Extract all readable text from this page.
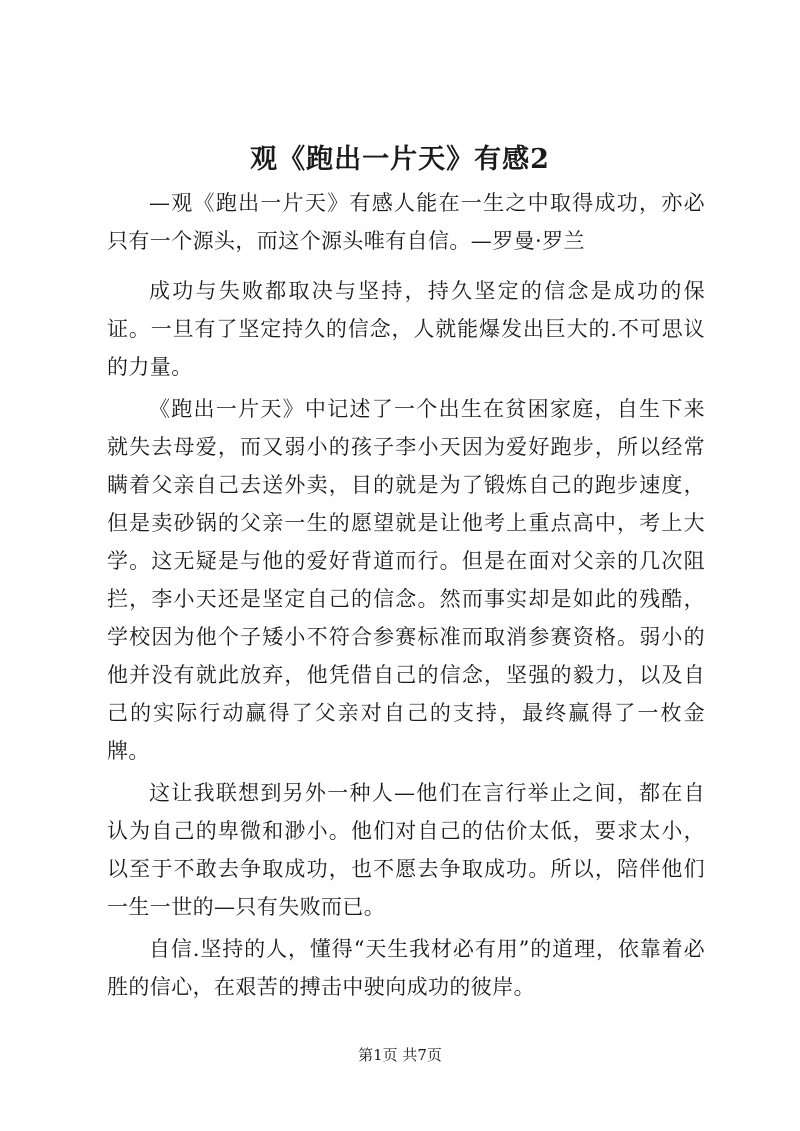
观《跑出一片天》有感2

—观《跑出一片天》有感人能在一生之中取得成功，亦必只有一个源头，而这个源头唯有自信。—罗曼·罗兰

成功与失败都取决与坚持，持久坚定的信念是成功的保证。一旦有了坚定持久的信念，人就能爆发出巨大的.不可思议的力量。

《跑出一片天》中记述了一个出生在贫困家庭，自生下来就失去母爱，而又弱小的孩子李小天因为爱好跑步，所以经常瞒着父亲自己去送外卖，目的就是为了锻炼自己的跑步速度，但是卖砂锅的父亲一生的愿望就是让他考上重点高中，考上大学。这无疑是与他的爱好背道而行。但是在面对父亲的几次阻拦，李小天还是坚定自己的信念。然而事实却是如此的残酷，学校因为他个子矮小不符合参赛标准而取消参赛资格。弱小的他并没有就此放弃，他凭借自己的信念，坚强的毅力，以及自己的实际行动赢得了父亲对自己的支持，最终赢得了一枚金牌。

这让我联想到另外一种人—他们在言行举止之间，都在自认为自己的卑微和渺小。他们对自己的估价太低，要求太小，以至于不敢去争取成功，也不愿去争取成功。所以，陪伴他们一生一世的—只有失败而已。

自信.坚持的人，懂得“天生我材必有用”的道理，依靠着必胜的信心，在艰苦的搏击中驶向成功的彼岸。

第1页 共7页
